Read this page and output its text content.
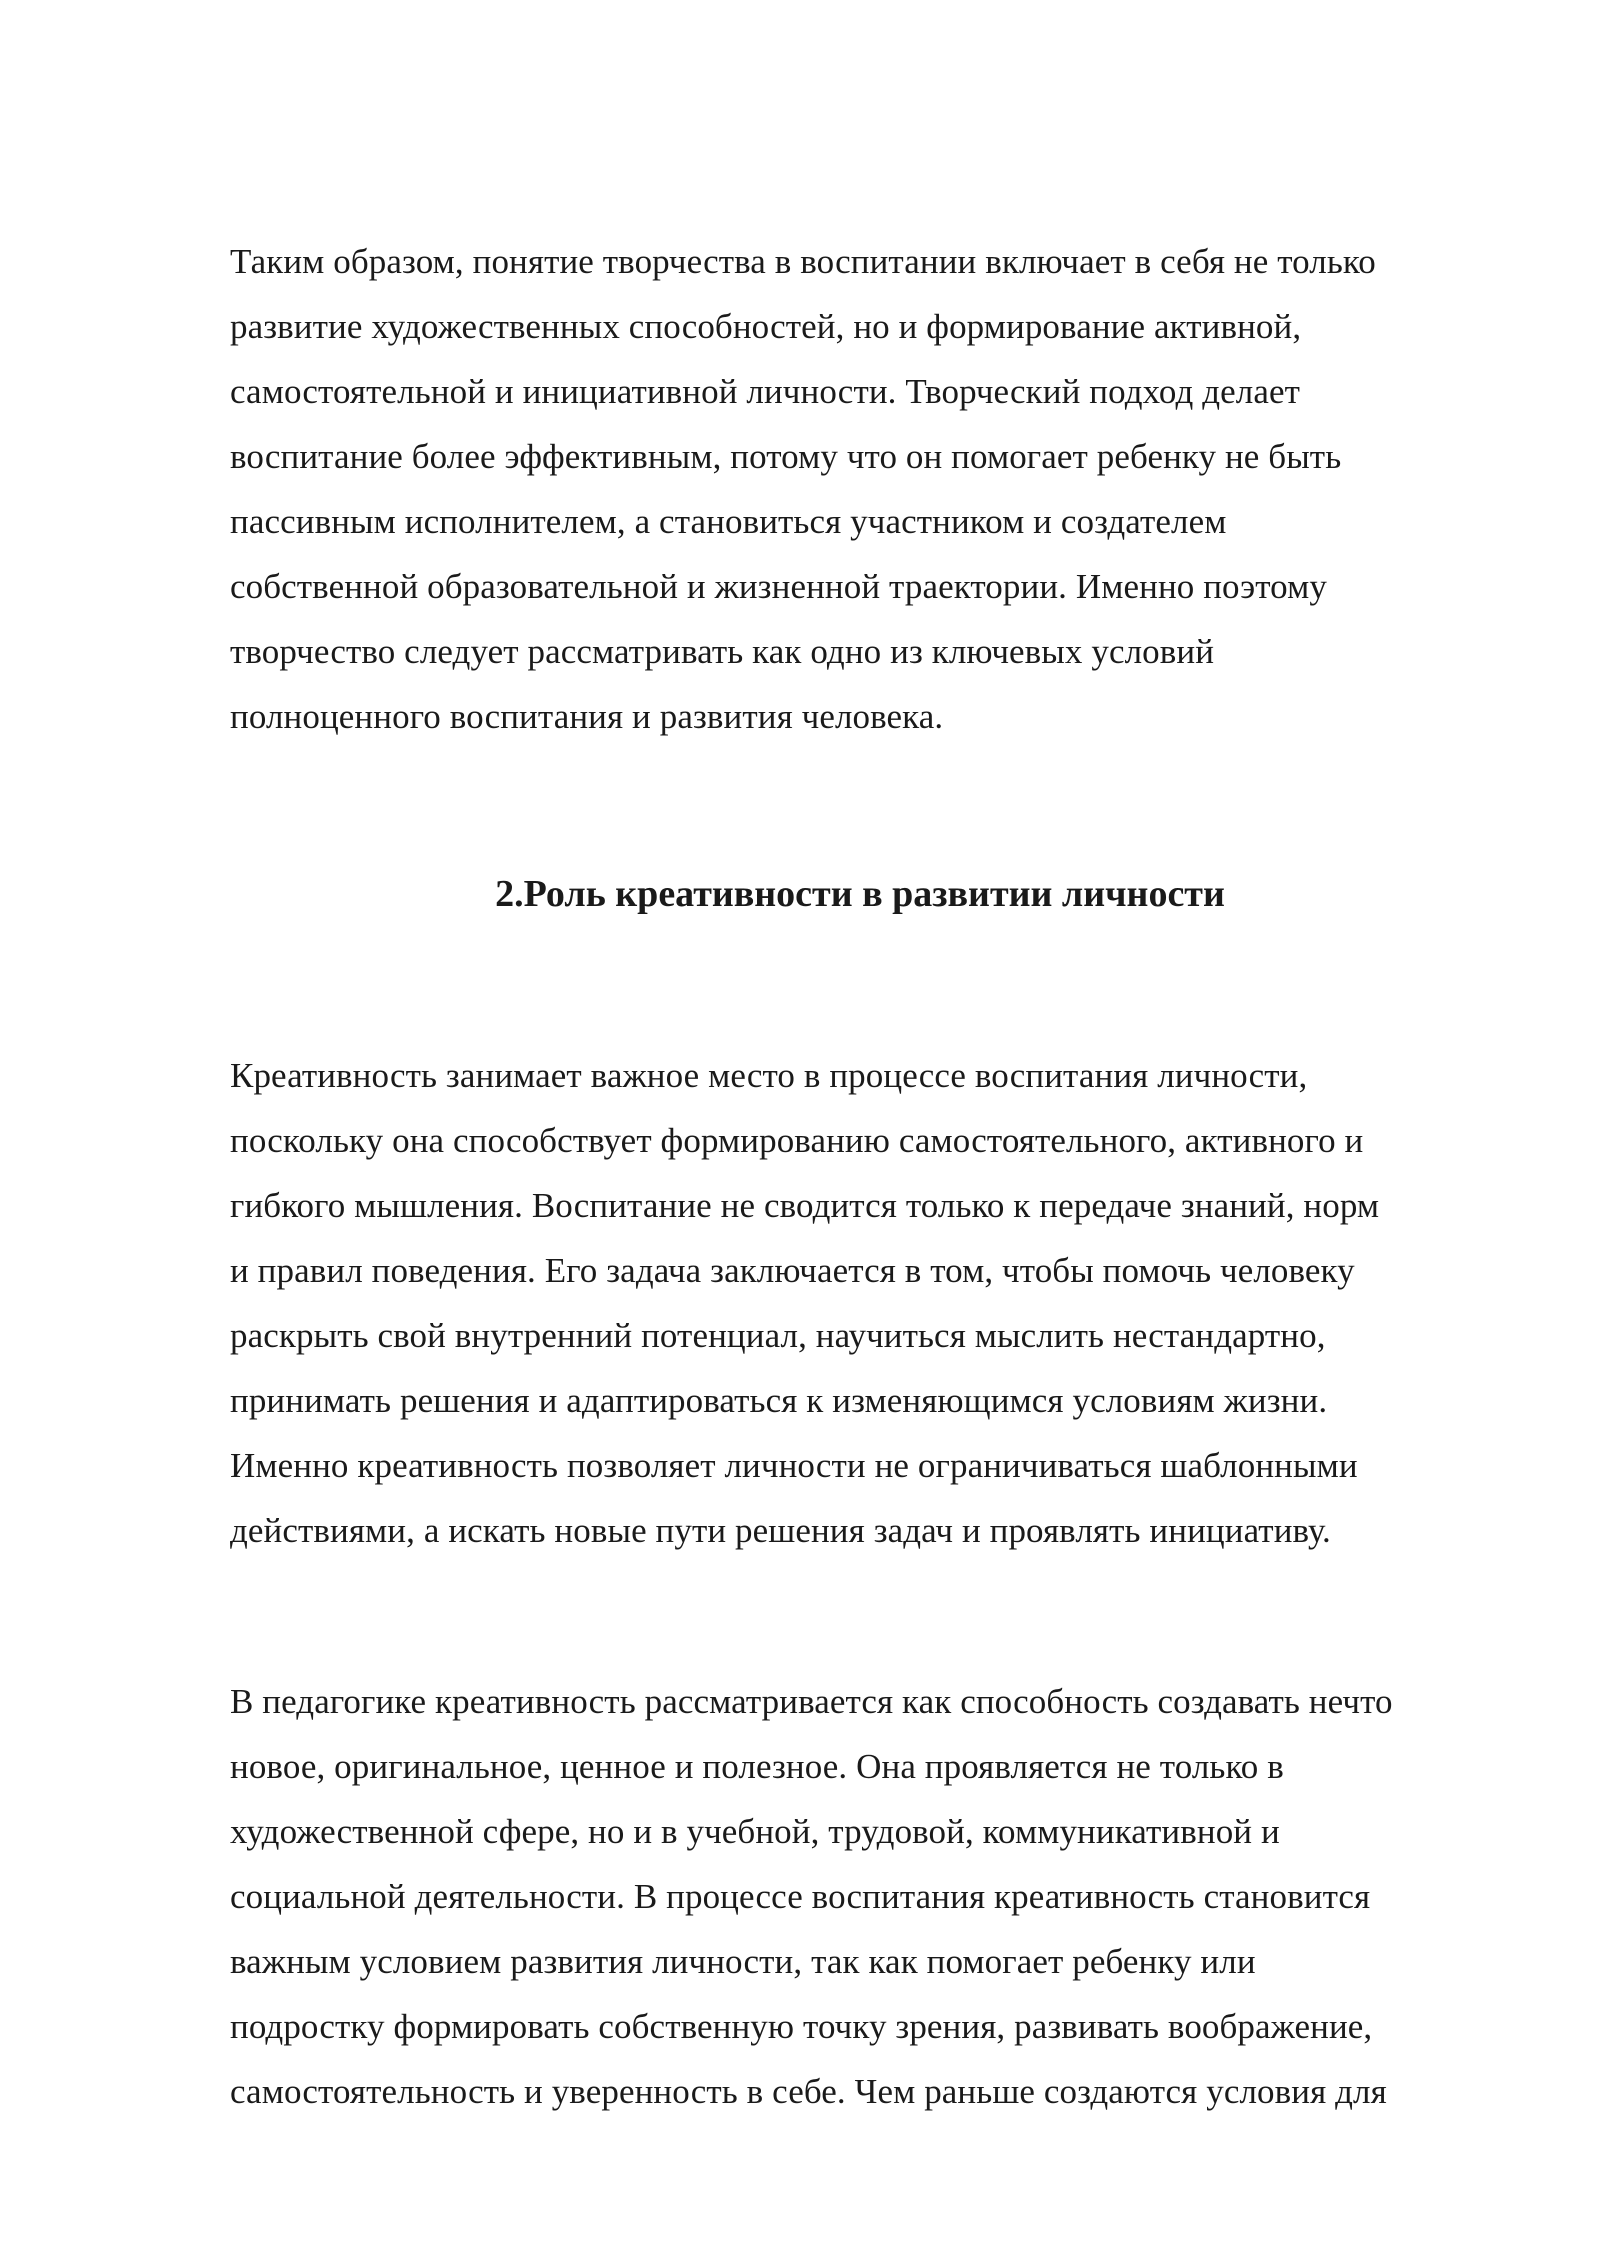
Таким образом, понятие творчества в воспитании включает в себя не только

развитие художественных способностей, но и формирование активной,

самостоятельной и инициативной личности. Творческий подход делает

воспитание более эффективным, потому что он помогает ребенку не быть

пассивным исполнителем, а становиться участником и создателем

собственной образовательной и жизненной траектории. Именно поэтому

творчество следует рассматривать как одно из ключевых условий

полноценного воспитания и развития человека.

2.Роль креативности в развитии личности

Креативность занимает важное место в процессе воспитания личности,

поскольку она способствует формированию самостоятельного, активного и

гибкого мышления. Воспитание не сводится только к передаче знаний, норм

и правил поведения. Его задача заключается в том, чтобы помочь человеку

раскрыть свой внутренний потенциал, научиться мыслить нестандартно,

принимать решения и адаптироваться к изменяющимся условиям жизни.

Именно креативность позволяет личности не ограничиваться шаблонными

действиями, а искать новые пути решения задач и проявлять инициативу.

В педагогике креативность рассматривается как способность создавать нечто

новое, оригинальное, ценное и полезное. Она проявляется не только в

художественной сфере, но и в учебной, трудовой, коммуникативной и

социальной деятельности. В процессе воспитания креативность становится

важным условием развития личности, так как помогает ребенку или

подростку формировать собственную точку зрения, развивать воображение,

самостоятельность и уверенность в себе. Чем раньше создаются условия для
